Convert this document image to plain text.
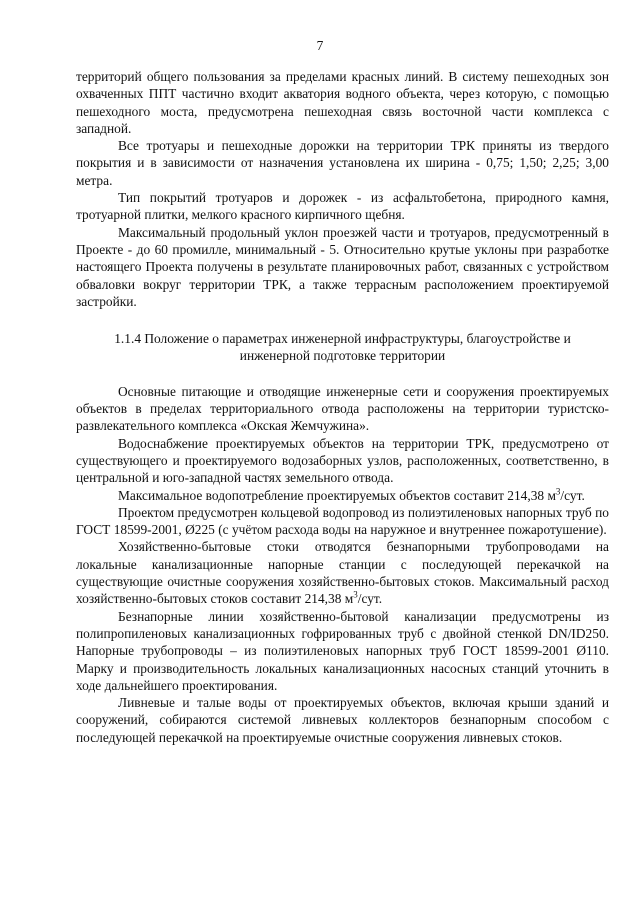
7

территорий общего пользования за пределами красных линий. В систему пешеходных зон охваченных ППТ частично входит акватория водного объекта, через которую, с помощью пешеходного моста, предусмотрена пешеходная связь восточной части комплекса с западной.

Все тротуары и пешеходные дорожки на территории ТРК приняты из твердого покрытия и в зависимости от назначения установлена их ширина - 0,75; 1,50; 2,25; 3,00 метра.

Тип покрытий тротуаров и дорожек - из асфальтобетона, природного камня, тротуарной плитки, мелкого красного кирпичного щебня.

Максимальный продольный уклон проезжей части и тротуаров, предусмотренный в Проекте - до 60 промилле, минимальный - 5. Относительно крутые уклоны при разработке настоящего Проекта получены в результате планировочных работ, связанных с устройством обваловки вокруг территории ТРК, а также террасным расположением проектируемой застройки.

1.1.4 Положение о параметрах инженерной инфраструктуры, благоустройстве и инженерной подготовке территории

Основные питающие и отводящие инженерные сети и сооружения проектируемых объектов в пределах территориального отвода расположены на территории туристско-развлекательного комплекса «Окская Жемчужина».

Водоснабжение проектируемых объектов на территории ТРК, предусмотрено от существующего и проектируемого водозаборных узлов, расположенных, соответственно, в центральной и юго-западной частях земельного отвода.

Максимальное водопотребление проектируемых объектов составит 214,38 $м^3$/сут.

Проектом предусмотрен кольцевой водопровод из полиэтиленовых напорных труб по ГОСТ 18599-2001, Ø225 (с учётом расхода воды на наружное и внутреннее пожаротушение).

Хозяйственно-бытовые стоки отводятся безнапорными трубопроводами на локальные канализационные напорные станции с последующей перекачкой на существующие очистные сооружения хозяйственно-бытовых стоков. Максимальный расход хозяйственно-бытовых стоков составит 214,38 $м^3$/сут.

Безнапорные линии хозяйственно-бытовой канализации предусмотрены из полипропиленовых канализационных гофрированных труб с двойной стенкой DN/ID250. Напорные трубопроводы – из полиэтиленовых напорных труб ГОСТ 18599-2001 Ø110. Марку и производительность локальных канализационных насосных станций уточнить в ходе дальнейшего проектирования.

Ливневые и талые воды от проектируемых объектов, включая крыши зданий и сооружений, собираются системой ливневых коллекторов безнапорным способом с последующей перекачкой на проектируемые очистные сооружения ливневых стоков.
